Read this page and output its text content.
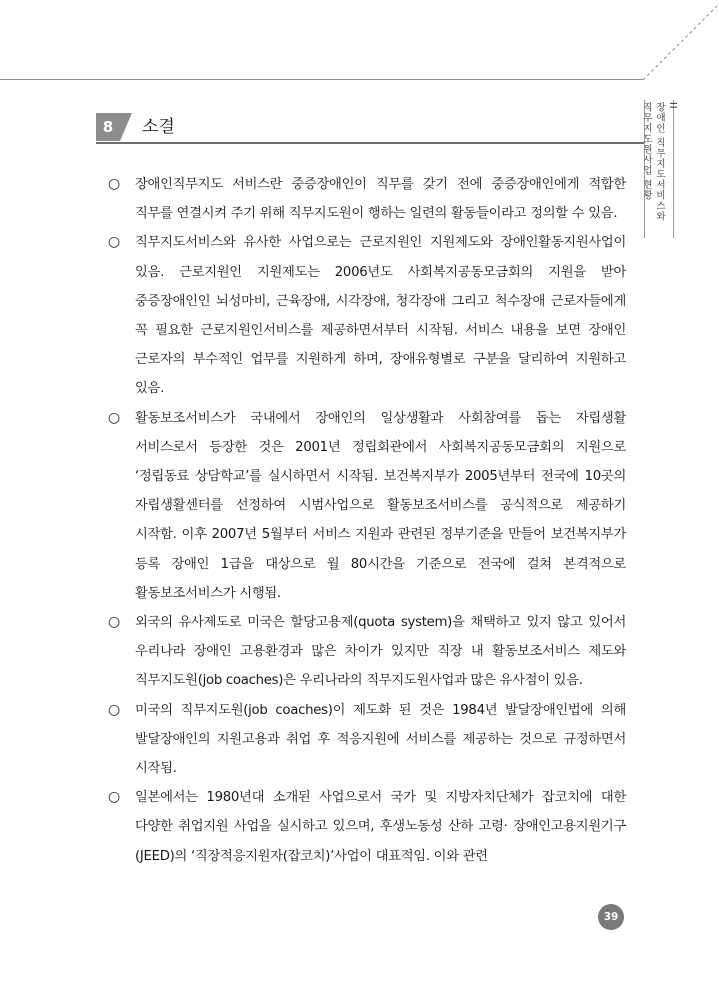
II
장애인 직무지도서비스와
직무지도원사업 현황
8	소결
○ 장애인직무지도 서비스란 중증장애인이 직무를 갖기 전에 중증장애인에게 적합한 직무를 연결시켜 주기 위해 직무지도원이 행하는 일련의 활동들이라고 정의할 수 있음.
○ 직무지도서비스와 유사한 사업으로는 근로지원인 지원제도와 장애인활동지원사업이 있음. 근로지원인 지원제도는 2006년도 사회복지공동모금회의 지원을 받아 중증장애인인 뇌성마비, 근육장애, 시각장애, 청각장애 그리고 척수장애 근로자들에게 꼭 필요한 근로지원인서비스를 제공하면서부터 시작됨. 서비스 내용을 보면 장애인 근로자의 부수적인 업무를 지원하게 하며, 장애유형별로 구분을 달리하여 지원하고 있음.
○ 활동보조서비스가 국내에서 장애인의 일상생활과 사회참여를 돕는 자립생활 서비스로서 등장한 것은 2001년 정립회관에서 사회복지공동모금회의 지원으로 ‘정립동료 상담학교’를 실시하면서 시작됨. 보건복지부가 2005년부터 전국에 10곳의 자립생활센터를 선정하여 시범사업으로 활동보조서비스를 공식적으로 제공하기 시작함. 이후 2007년 5월부터 서비스 지원과 관련된 정부기준을 만들어 보건복지부가 등록 장애인 1급을 대상으로 월 80시간을 기준으로 전국에 걸쳐 본격적으로 활동보조서비스가 시행됨.
○ 외국의 유사제도로 미국은 할당고용제(quota system)을 채택하고 있지 않고 있어서 우리나라 장애인 고용환경과 많은 차이가 있지만 직장 내 활동보조서비스 제도와 직무지도원(job coaches)은 우리나라의 직무지도원사업과 많은 유사점이 있음.
○ 미국의 직무지도원(job coaches)이 제도화 된 것은 1984년 발달장애인법에 의해 발달장애인의 지원고용과 취업 후 적응지원에 서비스를 제공하는 것으로 규정하면서 시작됨.
○ 일본에서는 1980년대 소개된 사업으로서 국가 및 지방자치단체가 잡코치에 대한 다양한 취업지원 사업을 실시하고 있으며, 후생노동성 산하 고령· 장애인고용지원기구(JEED)의 ‘직장적응지원자(잡코치)’사업이 대표적임. 이와 관련
39
